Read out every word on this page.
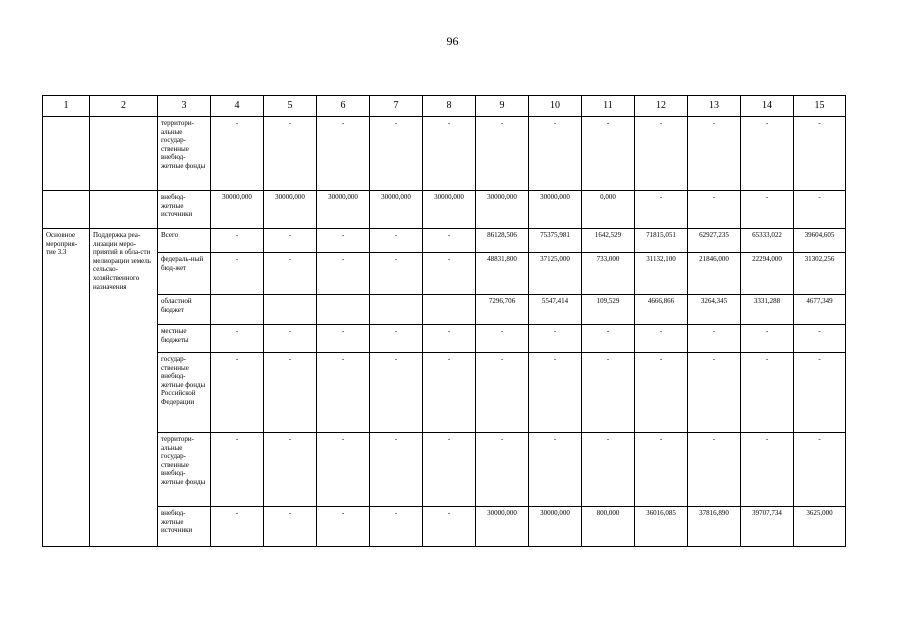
96
1	2	3	4	5	6	7	8	9	10	11	12	13	14	15
		территори-альные государ-ственные внебюд-жетные фонды	-	-	-	-	-	-	-	-	-	-	-	-
		внебюд-жетные источники	30000,000	30000,000	30000,000	30000,000	30000,000	30000,000	30000,000	0,000	-	-	-	-
Основное мероприя-тие 3.3	Поддержка реа-лизации меро-приятий в обла-сти мелиорации земель сельско-хозяйственного назначения	Всего	-	-	-	-	-	86128,506	75375,981	1642,529	71815,051	62927,235	65333,022	39604,605
		федераль-ный бюд-жет	-	-	-	-	-	48831,800	37125,000	733,000	31132,100	21846,000	22294,000	31302,256
		областной бюджет						7296,706	5547,414	109,529	4666,866	3264,345	3331,288	4677,349
		местные бюджеты	-	-	-	-	-	-	-	-	-	-	-	-
		государ-ственные внебюд-жетные фонды Российской Федерации	-	-	-	-	-	-	-	-	-	-	-	-
		территори-альные государ-ственные внебюд-жетные фонды	-	-	-	-	-	-	-	-	-	-	-	-
		внебюд-жетные источники	-	-	-	-	-	30000,000	30000,000	800,000	36016,085	37816,890	39707,734	3625,000
